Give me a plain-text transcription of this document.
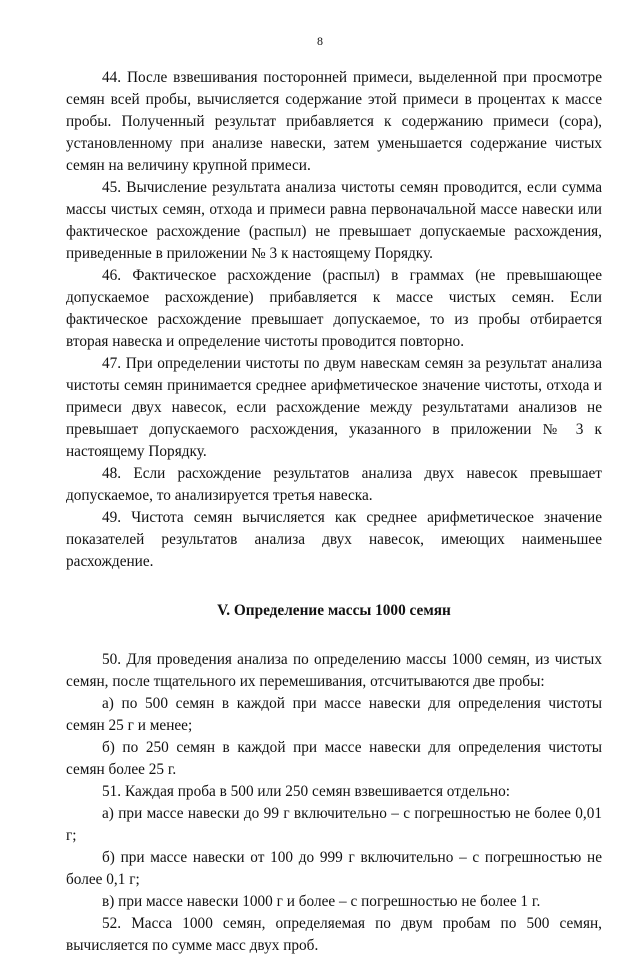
8

44. После взвешивания посторонней примеси, выделенной при просмотре семян всей пробы, вычисляется содержание этой примеси в процентах к массе пробы. Полученный результат прибавляется к содержанию примеси (сора), установленному при анализе навески, затем уменьшается содержание чистых семян на величину крупной примеси.

45. Вычисление результата анализа чистоты семян проводится, если сумма массы чистых семян, отхода и примеси равна первоначальной массе навески или фактическое расхождение (распыл) не превышает допускаемые расхождения, приведенные в приложении № 3 к настоящему Порядку.

46. Фактическое расхождение (распыл) в граммах (не превышающее допускаемое расхождение) прибавляется к массе чистых семян. Если фактическое расхождение превышает допускаемое, то из пробы отбирается вторая навеска и определение чистоты проводится повторно.

47. При определении чистоты по двум навескам семян за результат анализа чистоты семян принимается среднее арифметическое значение чистоты, отхода и примеси двух навесок, если расхождение между результатами анализов не превышает допускаемого расхождения, указанного в приложении № 3 к настоящему Порядку.

48. Если расхождение результатов анализа двух навесок превышает допускаемое, то анализируется третья навеска.

49. Чистота семян вычисляется как среднее арифметическое значение показателей результатов анализа двух навесок, имеющих наименьшее расхождение.

V. Определение массы 1000 семян

50. Для проведения анализа по определению массы 1000 семян, из чистых семян, после тщательного их перемешивания, отсчитываются две пробы:

а) по 500 семян в каждой при массе навески для определения чистоты семян 25 г и менее;

б) по 250 семян в каждой при массе навески для определения чистоты семян более 25 г.

51. Каждая проба в 500 или 250 семян взвешивается отдельно:

а) при массе навески до 99 г включительно – с погрешностью не более 0,01 г;

б) при массе навески от 100 до 999 г включительно – с погрешностью не более 0,1 г;

в) при массе навески 1000 г и более – с погрешностью не более 1 г.

52. Масса 1000 семян, определяемая по двум пробам по 500 семян, вычисляется по сумме масс двух проб.
